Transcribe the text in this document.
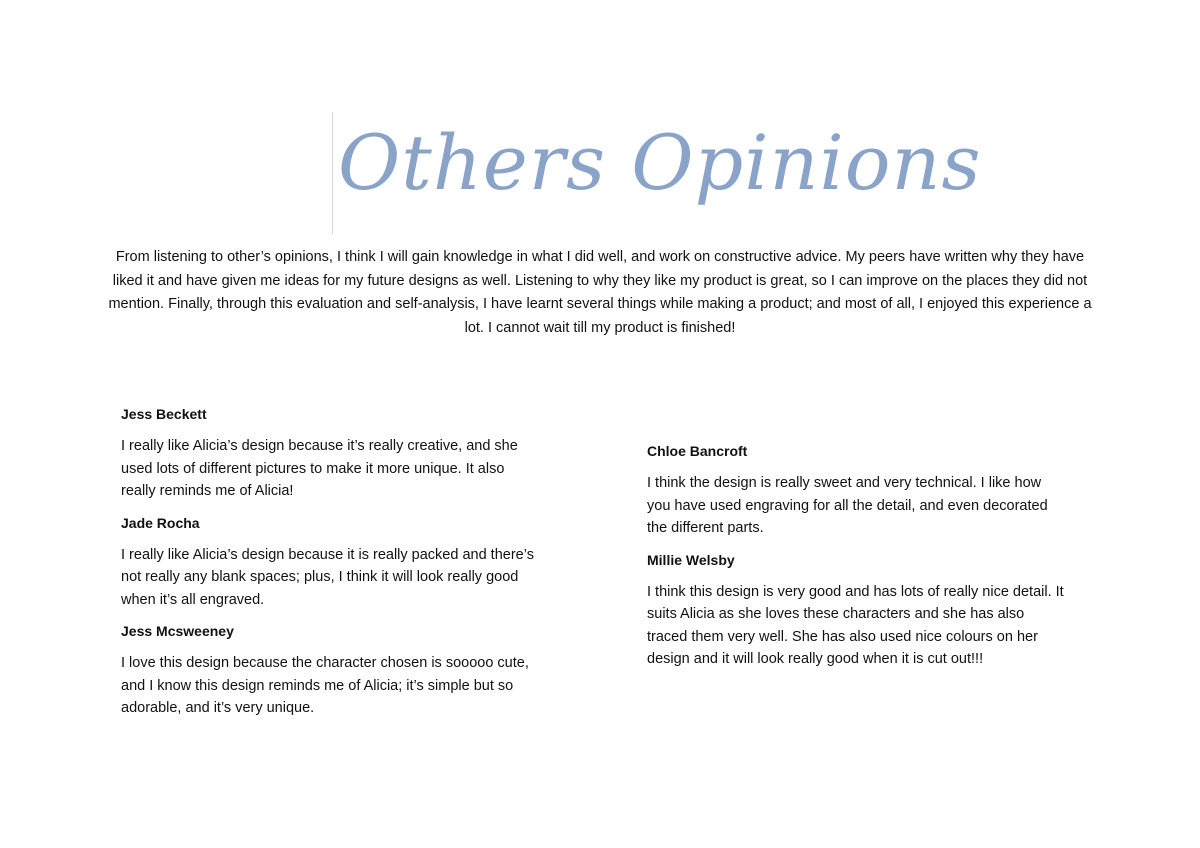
Others Opinions
From listening to other’s opinions, I think I will gain knowledge in what I did well, and work on constructive advice. My peers have written why they have liked it and have given me ideas for my future designs as well. Listening to why they like my product is great, so I can improve on the places they did not mention. Finally, through this evaluation and self-analysis, I have learnt several things while making a product; and most of all, I enjoyed this experience a lot. I cannot wait till my product is finished!
Jess Beckett
I really like Alicia’s design because it’s really creative, and she used lots of different pictures to make it more unique. It also really reminds me of Alicia!
Jade Rocha
I really like Alicia’s design because it is really packed and there’s not really any blank spaces; plus, I think it will look really good when it’s all engraved.
Jess Mcsweeney
I love this design because the character chosen is sooooo cute, and I know this design reminds me of Alicia; it’s simple but so adorable, and it’s very unique.
Chloe Bancroft
I think the design is really sweet and very technical. I like how you have used engraving for all the detail, and even decorated the different parts.
Millie Welsby
I think this design is very good and has lots of really nice detail. It suits Alicia as she loves these characters and she has also traced them very well. She has also used nice colours on her design and it will look really good when it is cut out!!!
